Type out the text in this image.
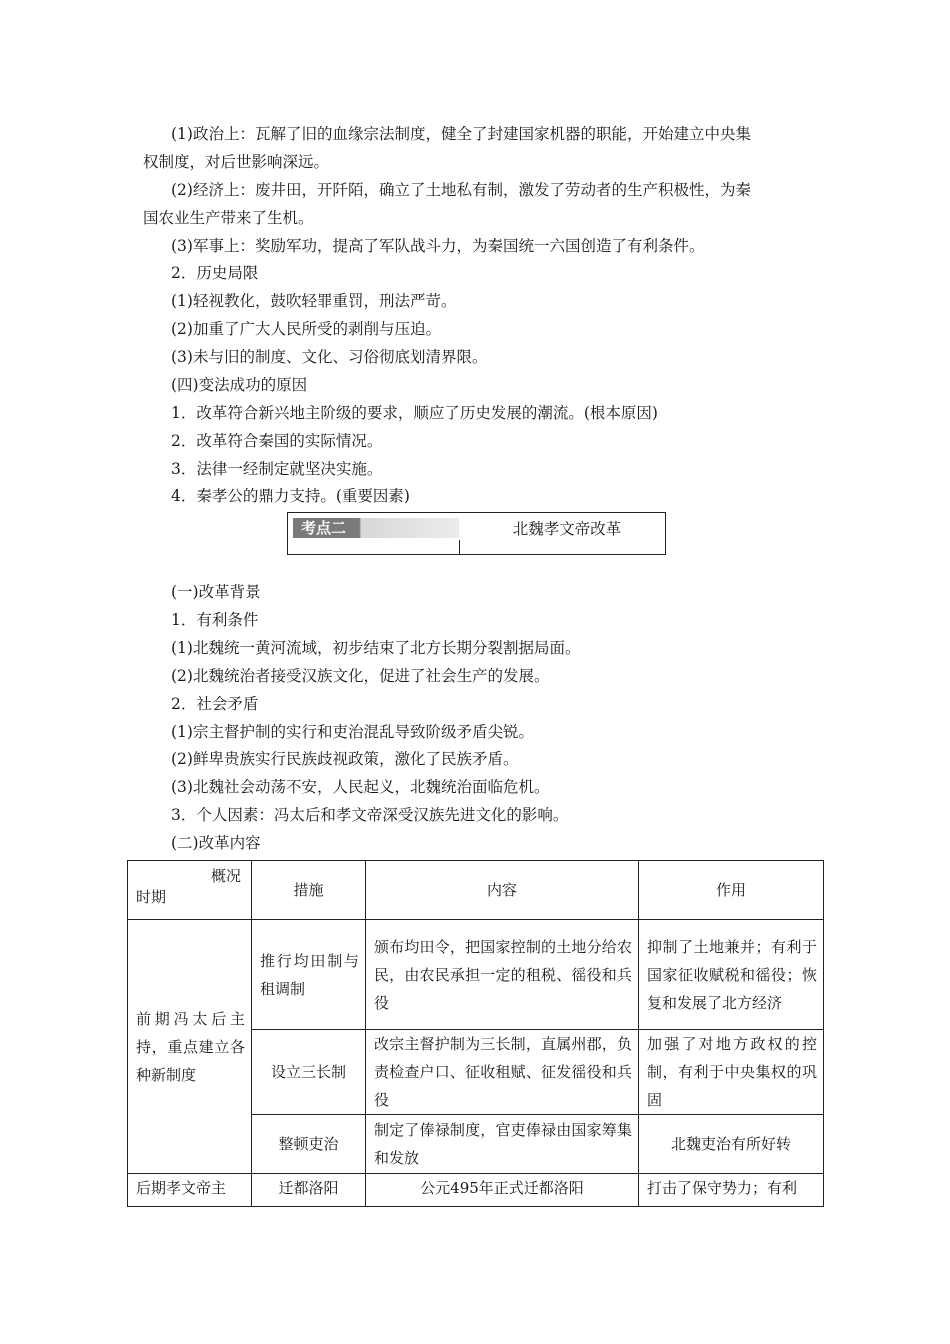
(1)政治上：瓦解了旧的血缘宗法制度，健全了封建国家机器的职能，开始建立中央集
权制度，对后世影响深远。
(2)经济上：废井田，开阡陌，确立了土地私有制，激发了劳动者的生产积极性，为秦
国农业生产带来了生机。
(3)军事上：奖励军功，提高了军队战斗力，为秦国统一六国创造了有利条件。
2．历史局限
(1)轻视教化，鼓吹轻罪重罚，刑法严苛。
(2)加重了广大人民所受的剥削与压迫。
(3)未与旧的制度、文化、习俗彻底划清界限。
(四)变法成功的原因
1．改革符合新兴地主阶级的要求，顺应了历史发展的潮流。(根本原因)
2．改革符合秦国的实际情况。
3．法律一经制定就坚决实施。
4．秦孝公的鼎力支持。(重要因素)
考点二	北魏孝文帝改革
(一)改革背景
1．有利条件
(1)北魏统一黄河流域，初步结束了北方长期分裂割据局面。
(2)北魏统治者接受汉族文化，促进了社会生产的发展。
2．社会矛盾
(1)宗主督护制的实行和吏治混乱导致阶级矛盾尖锐。
(2)鲜卑贵族实行民族歧视政策，激化了民族矛盾。
(3)北魏社会动荡不安，人民起义，北魏统治面临危机。
3．个人因素：冯太后和孝文帝深受汉族先进文化的影响。
(二)改革内容
概况
时期	措施	内容	作用
前期冯太后主持，重点建立各种新制度	推行均田制与租调制	颁布均田令，把国家控制的土地分给农民，由农民承担一定的租税、徭役和兵役	抑制了土地兼并；有利于国家征收赋税和徭役；恢复和发展了北方经济
	设立三长制	改宗主督护制为三长制，直属州郡，负责检查户口、征收租赋、征发徭役和兵役	加强了对地方政权的控制，有利于中央集权的巩固
	整顿吏治	制定了俸禄制度，官吏俸禄由国家筹集和发放	北魏吏治有所好转
后期孝文帝主	迁都洛阳	公元495年正式迁都洛阳	打击了保守势力；有利
